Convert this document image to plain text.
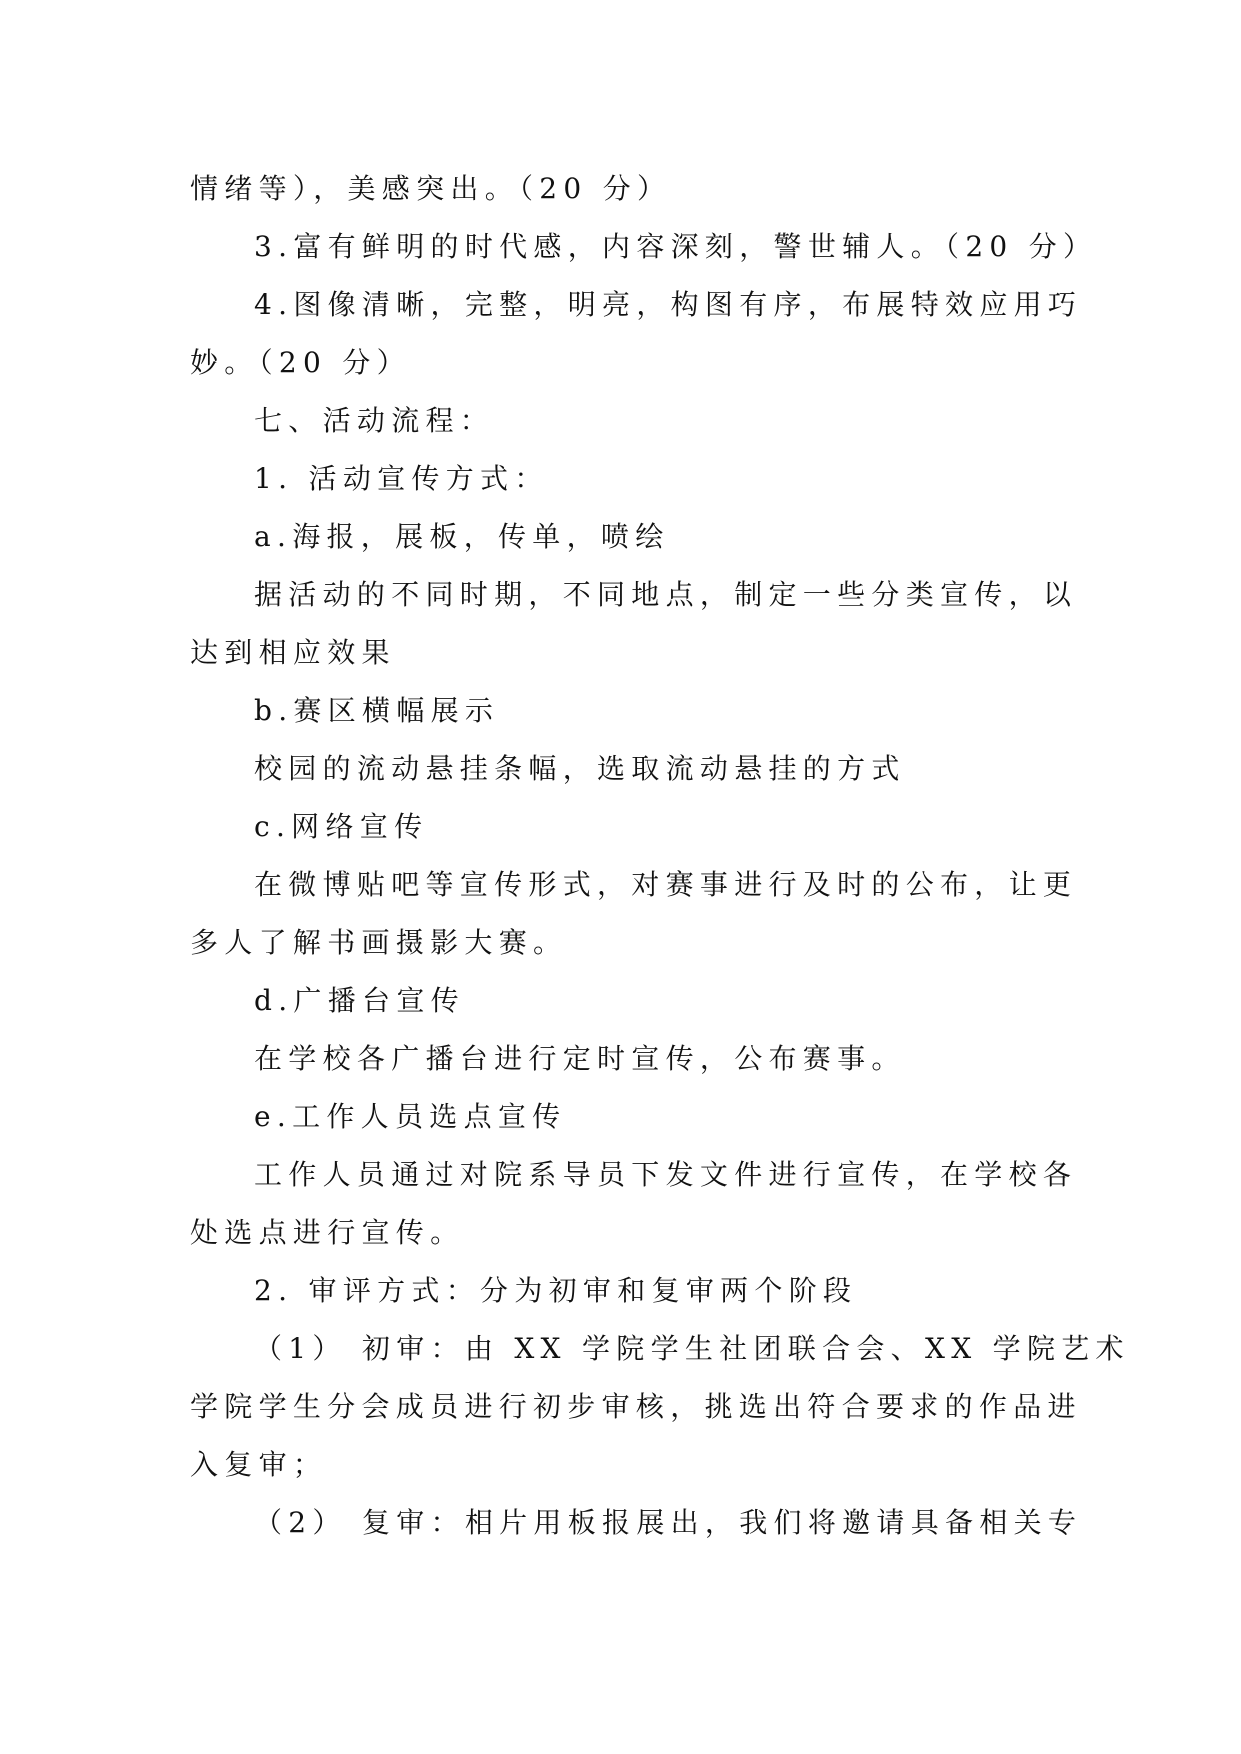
情绪等），美感突出。（20 分）
3.富有鲜明的时代感，内容深刻，警世辅人。（20 分）
4.图像清晰，完整，明亮，构图有序，布展特效应用巧
妙。（20 分）
七、活动流程：
1. 活动宣传方式：
a.海报，展板，传单，喷绘
据活动的不同时期，不同地点，制定一些分类宣传，以
达到相应效果
b.赛区横幅展示
校园的流动悬挂条幅，选取流动悬挂的方式
c.网络宣传
在微博贴吧等宣传形式，对赛事进行及时的公布，让更
多人了解书画摄影大赛。
d.广播台宣传
在学校各广播台进行定时宣传，公布赛事。
e.工作人员选点宣传
工作人员通过对院系导员下发文件进行宣传，在学校各
处选点进行宣传。
2. 审评方式：分为初审和复审两个阶段
（1） 初审：由 XX 学院学生社团联合会、XX 学院艺术
学院学生分会成员进行初步审核，挑选出符合要求的作品进
入复审；
（2） 复审：相片用板报展出，我们将邀请具备相关专
